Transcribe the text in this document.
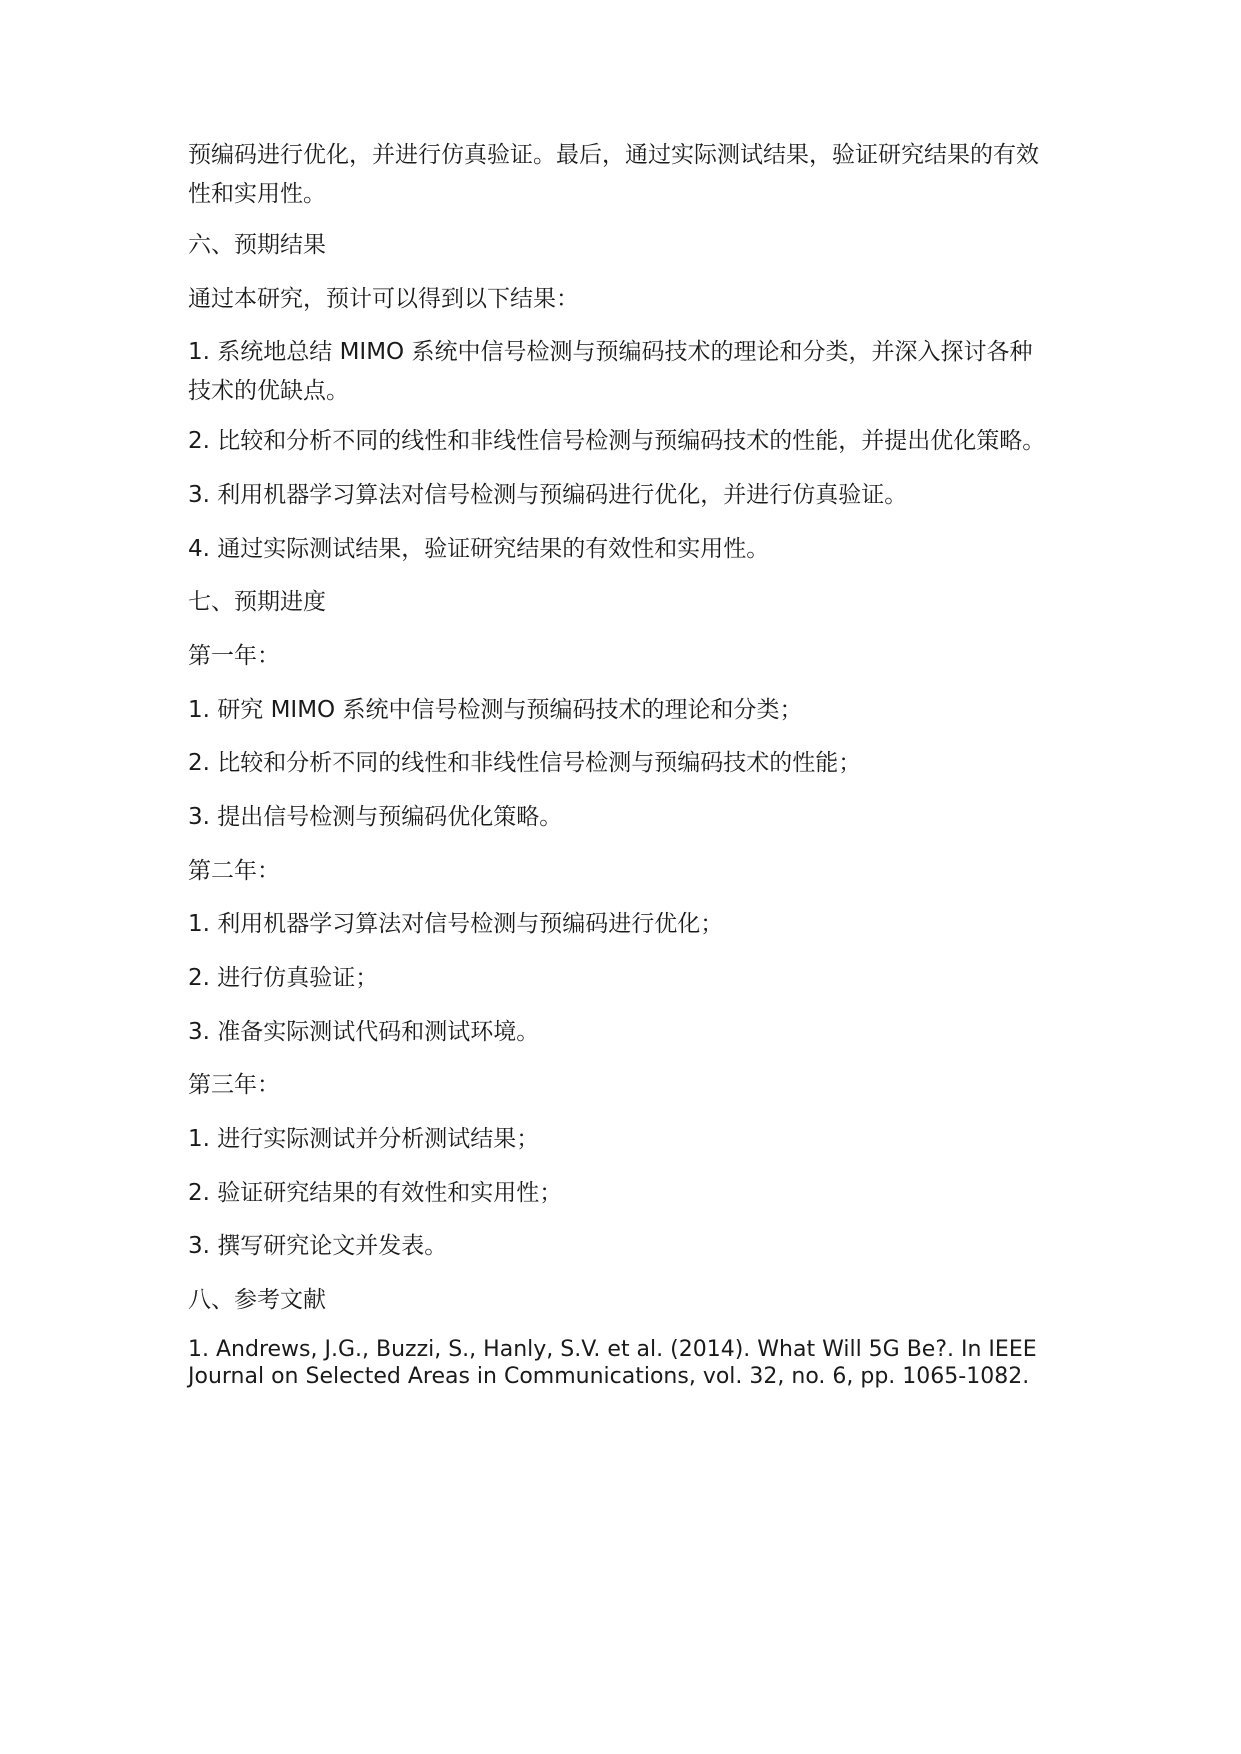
预编码进行优化，并进行仿真验证。最后，通过实际测试结果，验证研究结果的有效性和实用性。
六、预期结果
通过本研究，预计可以得到以下结果：
1. 系统地总结 MIMO 系统中信号检测与预编码技术的理论和分类，并深入探讨各种技术的优缺点。
2. 比较和分析不同的线性和非线性信号检测与预编码技术的性能，并提出优化策略。
3. 利用机器学习算法对信号检测与预编码进行优化，并进行仿真验证。
4. 通过实际测试结果，验证研究结果的有效性和实用性。
七、预期进度
第一年：
1. 研究 MIMO 系统中信号检测与预编码技术的理论和分类；
2. 比较和分析不同的线性和非线性信号检测与预编码技术的性能；
3. 提出信号检测与预编码优化策略。
第二年：
1. 利用机器学习算法对信号检测与预编码进行优化；
2. 进行仿真验证；
3. 准备实际测试代码和测试环境。
第三年：
1. 进行实际测试并分析测试结果；
2. 验证研究结果的有效性和实用性；
3. 撰写研究论文并发表。
八、参考文献
1. Andrews, J.G., Buzzi, S., Hanly, S.V. et al. (2014). What Will 5G Be?. In IEEE Journal on Selected Areas in Communications, vol. 32, no. 6, pp. 1065-1082.
